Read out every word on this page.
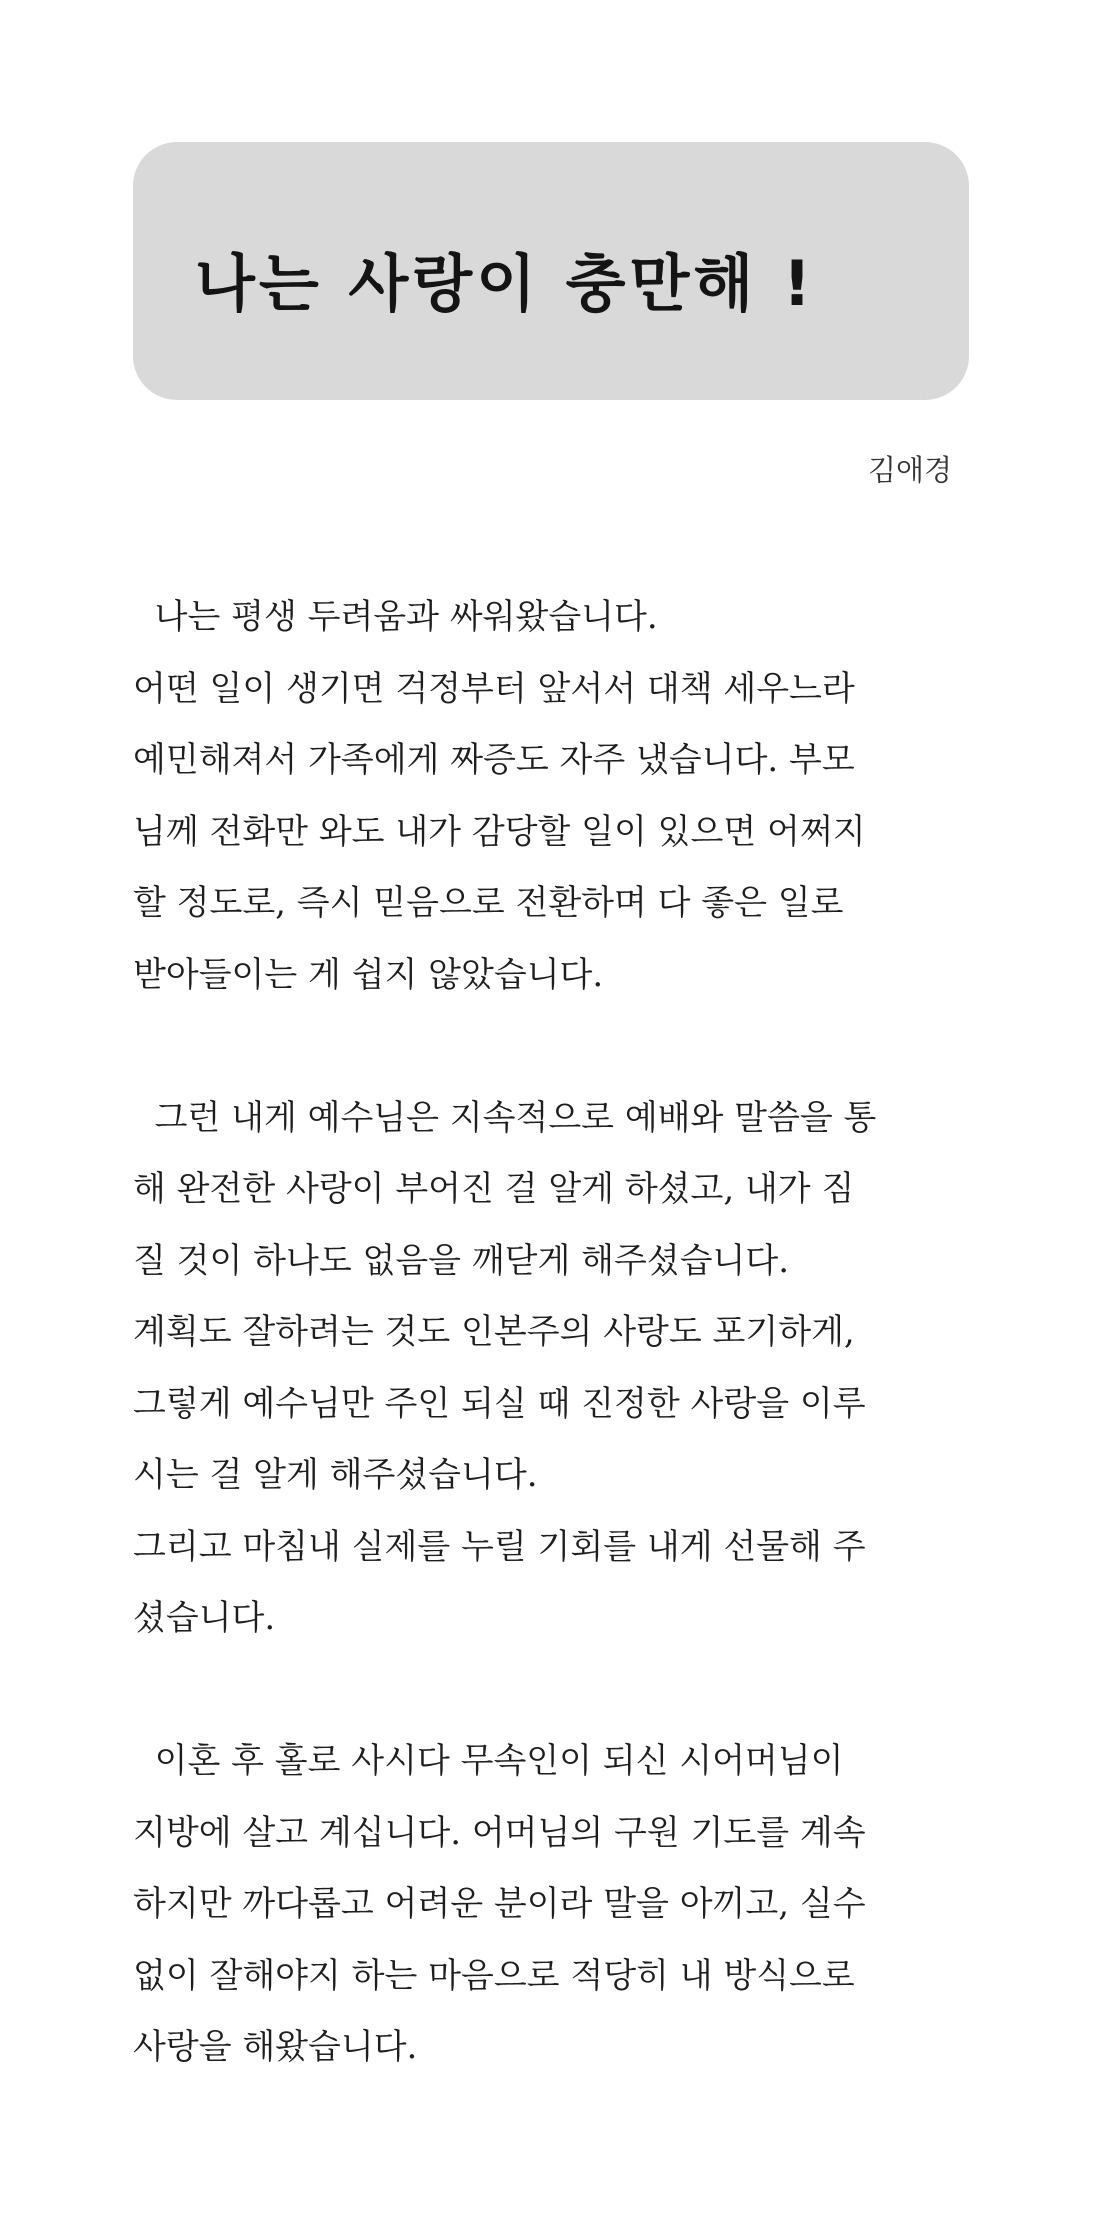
나는 사랑이 충만해 !
김애경

나는 평생 두려움과 싸워왔습니다.
어떤 일이 생기면 걱정부터 앞서서 대책 세우느라
예민해져서 가족에게 짜증도 자주 냈습니다. 부모
님께 전화만 와도 내가 감당할 일이 있으면 어쩌지
할 정도로, 즉시 믿음으로 전환하며 다 좋은 일로
받아들이는 게 쉽지 않았습니다.

그런 내게 예수님은 지속적으로 예배와 말씀을 통
해 완전한 사랑이 부어진 걸 알게 하셨고, 내가 짐
질 것이 하나도 없음을 깨닫게 해주셨습니다.
계획도 잘하려는 것도 인본주의 사랑도 포기하게,
그렇게 예수님만 주인 되실 때 진정한 사랑을 이루
시는 걸 알게 해주셨습니다.
그리고 마침내 실제를 누릴 기회를 내게 선물해 주
셨습니다.

이혼 후 홀로 사시다 무속인이 되신 시어머님이
지방에 살고 계십니다. 어머님의 구원 기도를 계속
하지만 까다롭고 어려운 분이라 말을 아끼고, 실수
없이 잘해야지 하는 마음으로 적당히 내 방식으로
사랑을 해왔습니다.
